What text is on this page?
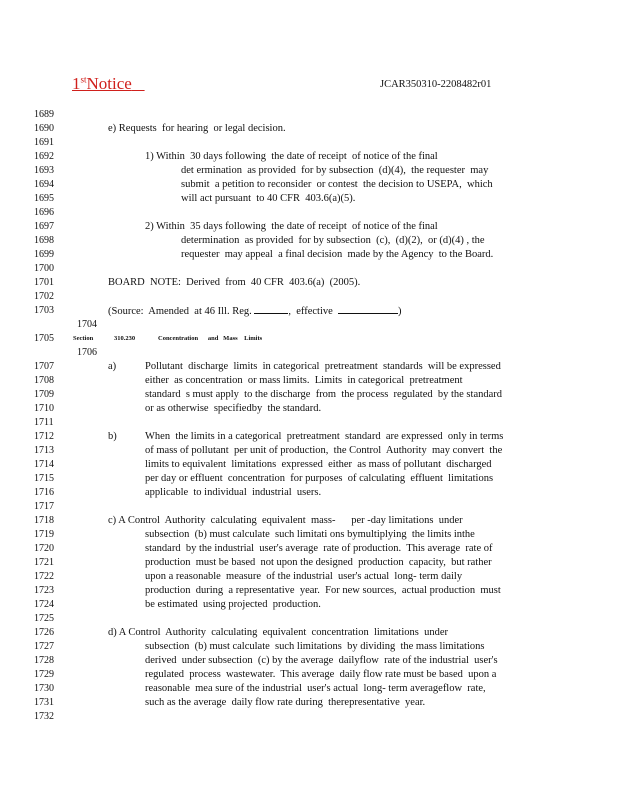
1stNotice	JCAR350310-2208482r01
1689
1690
1691
1692
1693
1694
1695
1696
1697
1698
1699
1700
1701
1702
1703
1704
1705
1706
1707
1708
1709
1710
1711
1712
1713
1714
1715
1716
1717
1718
1719
1720
1721
1722
1723
1724
1725
1726
1727
1728
1729
1730
1731
1732
e) Requests  for hearing  or legal decision.
1) Within  30 days following  the date of receipt  of notice of the final
det ermination  as provided  for by subsection  (d)(4),  the requester  may
submit  a petition to reconsider  or contest  the decision to USEPA,  which
will act pursuant  to 40 CFR  403.6(a)(5).
2) Within  35 days following  the date of receipt  of notice of the final
determination  as provided  for by subsection  (c),  (d)(2),  or (d)(4) , the
requester  may appeal  a final decision  made by the Agency  to the Board.
BOARD  NOTE:  Derived  from  40 CFR  403.6(a)  (2005).
(Source:  Amended  at 46 Ill. Reg.	,  effective	)
Section	310.230	Concentration      and   Mass    Limits
a)	Pollutant  discharge  limits  in categorical  pretreatment  standards  will be expressed
either  as concentration  or mass limits.  Limits  in categorical  pretreatment
standard  s must apply  to the discharge  from  the process  regulated  by the standard
or as otherwise  specifiedby  the standard.
b)	When  the limits in a categorical  pretreatment  standard  are expressed  only in terms
of mass of pollutant  per unit of production,  the Control  Authority  may convert  the
limits to equivalent  limitations  expressed  either  as mass of pollutant  discharged
per day or effluent  concentration  for purposes  of calculating  effluent  limitations
applicable  to individual  industrial  users.
c) A Control  Authority  calculating  equivalent  mass-      per -day limitations  under
subsection  (b) must calculate  such limitati ons bymultiplying  the limits inthe
standard  by the industrial  user's average  rate of production.  This average  rate of
production  must be based  not upon the designed  production  capacity,  but rather
upon a reasonable  measure  of the industrial  user's actual  long- term daily
production  during  a representative  year.  For new sources,  actual production  must
be estimated  using projected  production.
d) A Control  Authority  calculating  equivalent  concentration  limitations  under
subsection  (b) must calculate  such limitations  by dividing  the mass limitations
derived  under subsection  (c) by the average  dailyflow  rate of the industrial  user's
regulated  process  wastewater.  This average  daily flow rate must be based  upon a
reasonable  mea sure of the industrial  user's actual  long- term averageflow  rate,
such as the average  daily flow rate during  therepresentative  year.
